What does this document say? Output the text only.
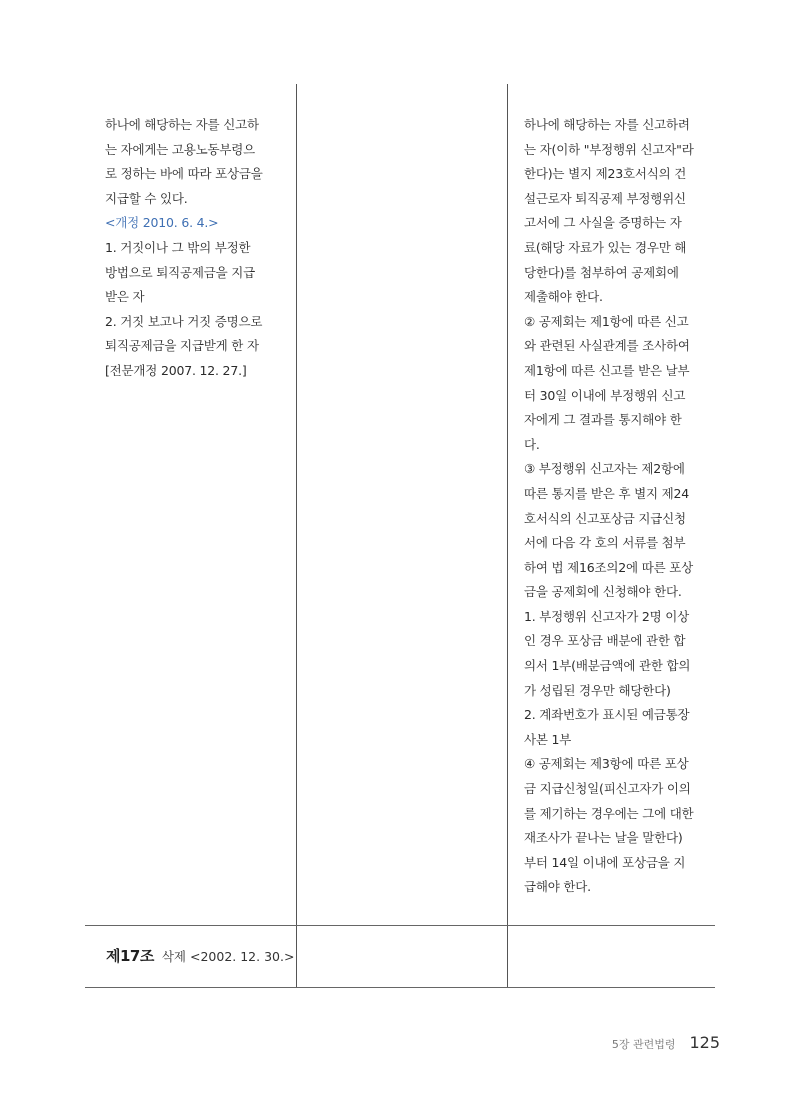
하나에 해당하는 자를 신고하
는 자에게는 고용노동부령으
로 정하는 바에 따라 포상금을
지급할 수 있다.
<개정 2010. 6. 4.>
1. 거짓이나 그 밖의 부정한
방법으로 퇴직공제금을 지급
받은 자
2. 거짓 보고나 거짓 증명으로
퇴직공제금을 지급받게 한 자
[전문개정 2007. 12. 27.]
하나에 해당하는 자를 신고하려
는 자(이하 "부정행위 신고자"라
한다)는 별지 제23호서식의 건
설근로자 퇴직공제 부정행위신
고서에 그 사실을 증명하는 자
료(해당 자료가 있는 경우만 해
당한다)를 첨부하여 공제회에
제출해야 한다.
② 공제회는 제1항에 따른 신고
와 관련된 사실관계를 조사하여
제1항에 따른 신고를 받은 날부
터 30일 이내에 부정행위 신고
자에게 그 결과를 통지해야 한
다.
③ 부정행위 신고자는 제2항에
따른 통지를 받은 후 별지 제24
호서식의 신고포상금 지급신청
서에 다음 각 호의 서류를 첨부
하여 법 제16조의2에 따른 포상
금을 공제회에 신청해야 한다.
1. 부정행위 신고자가 2명 이상
인 경우 포상금 배분에 관한 합
의서 1부(배분금액에 관한 합의
가 성립된 경우만 해당한다)
2. 계좌번호가 표시된 예금통장
사본 1부
④ 공제회는 제3항에 따른 포상
금 지급신청일(피신고자가 이의
를 제기하는 경우에는 그에 대한
재조사가 끝나는 날을 말한다)
부터 14일 이내에 포상금을 지
급해야 한다.
제17조 삭제 <2002. 12. 30.>
5장 관련법령 125
